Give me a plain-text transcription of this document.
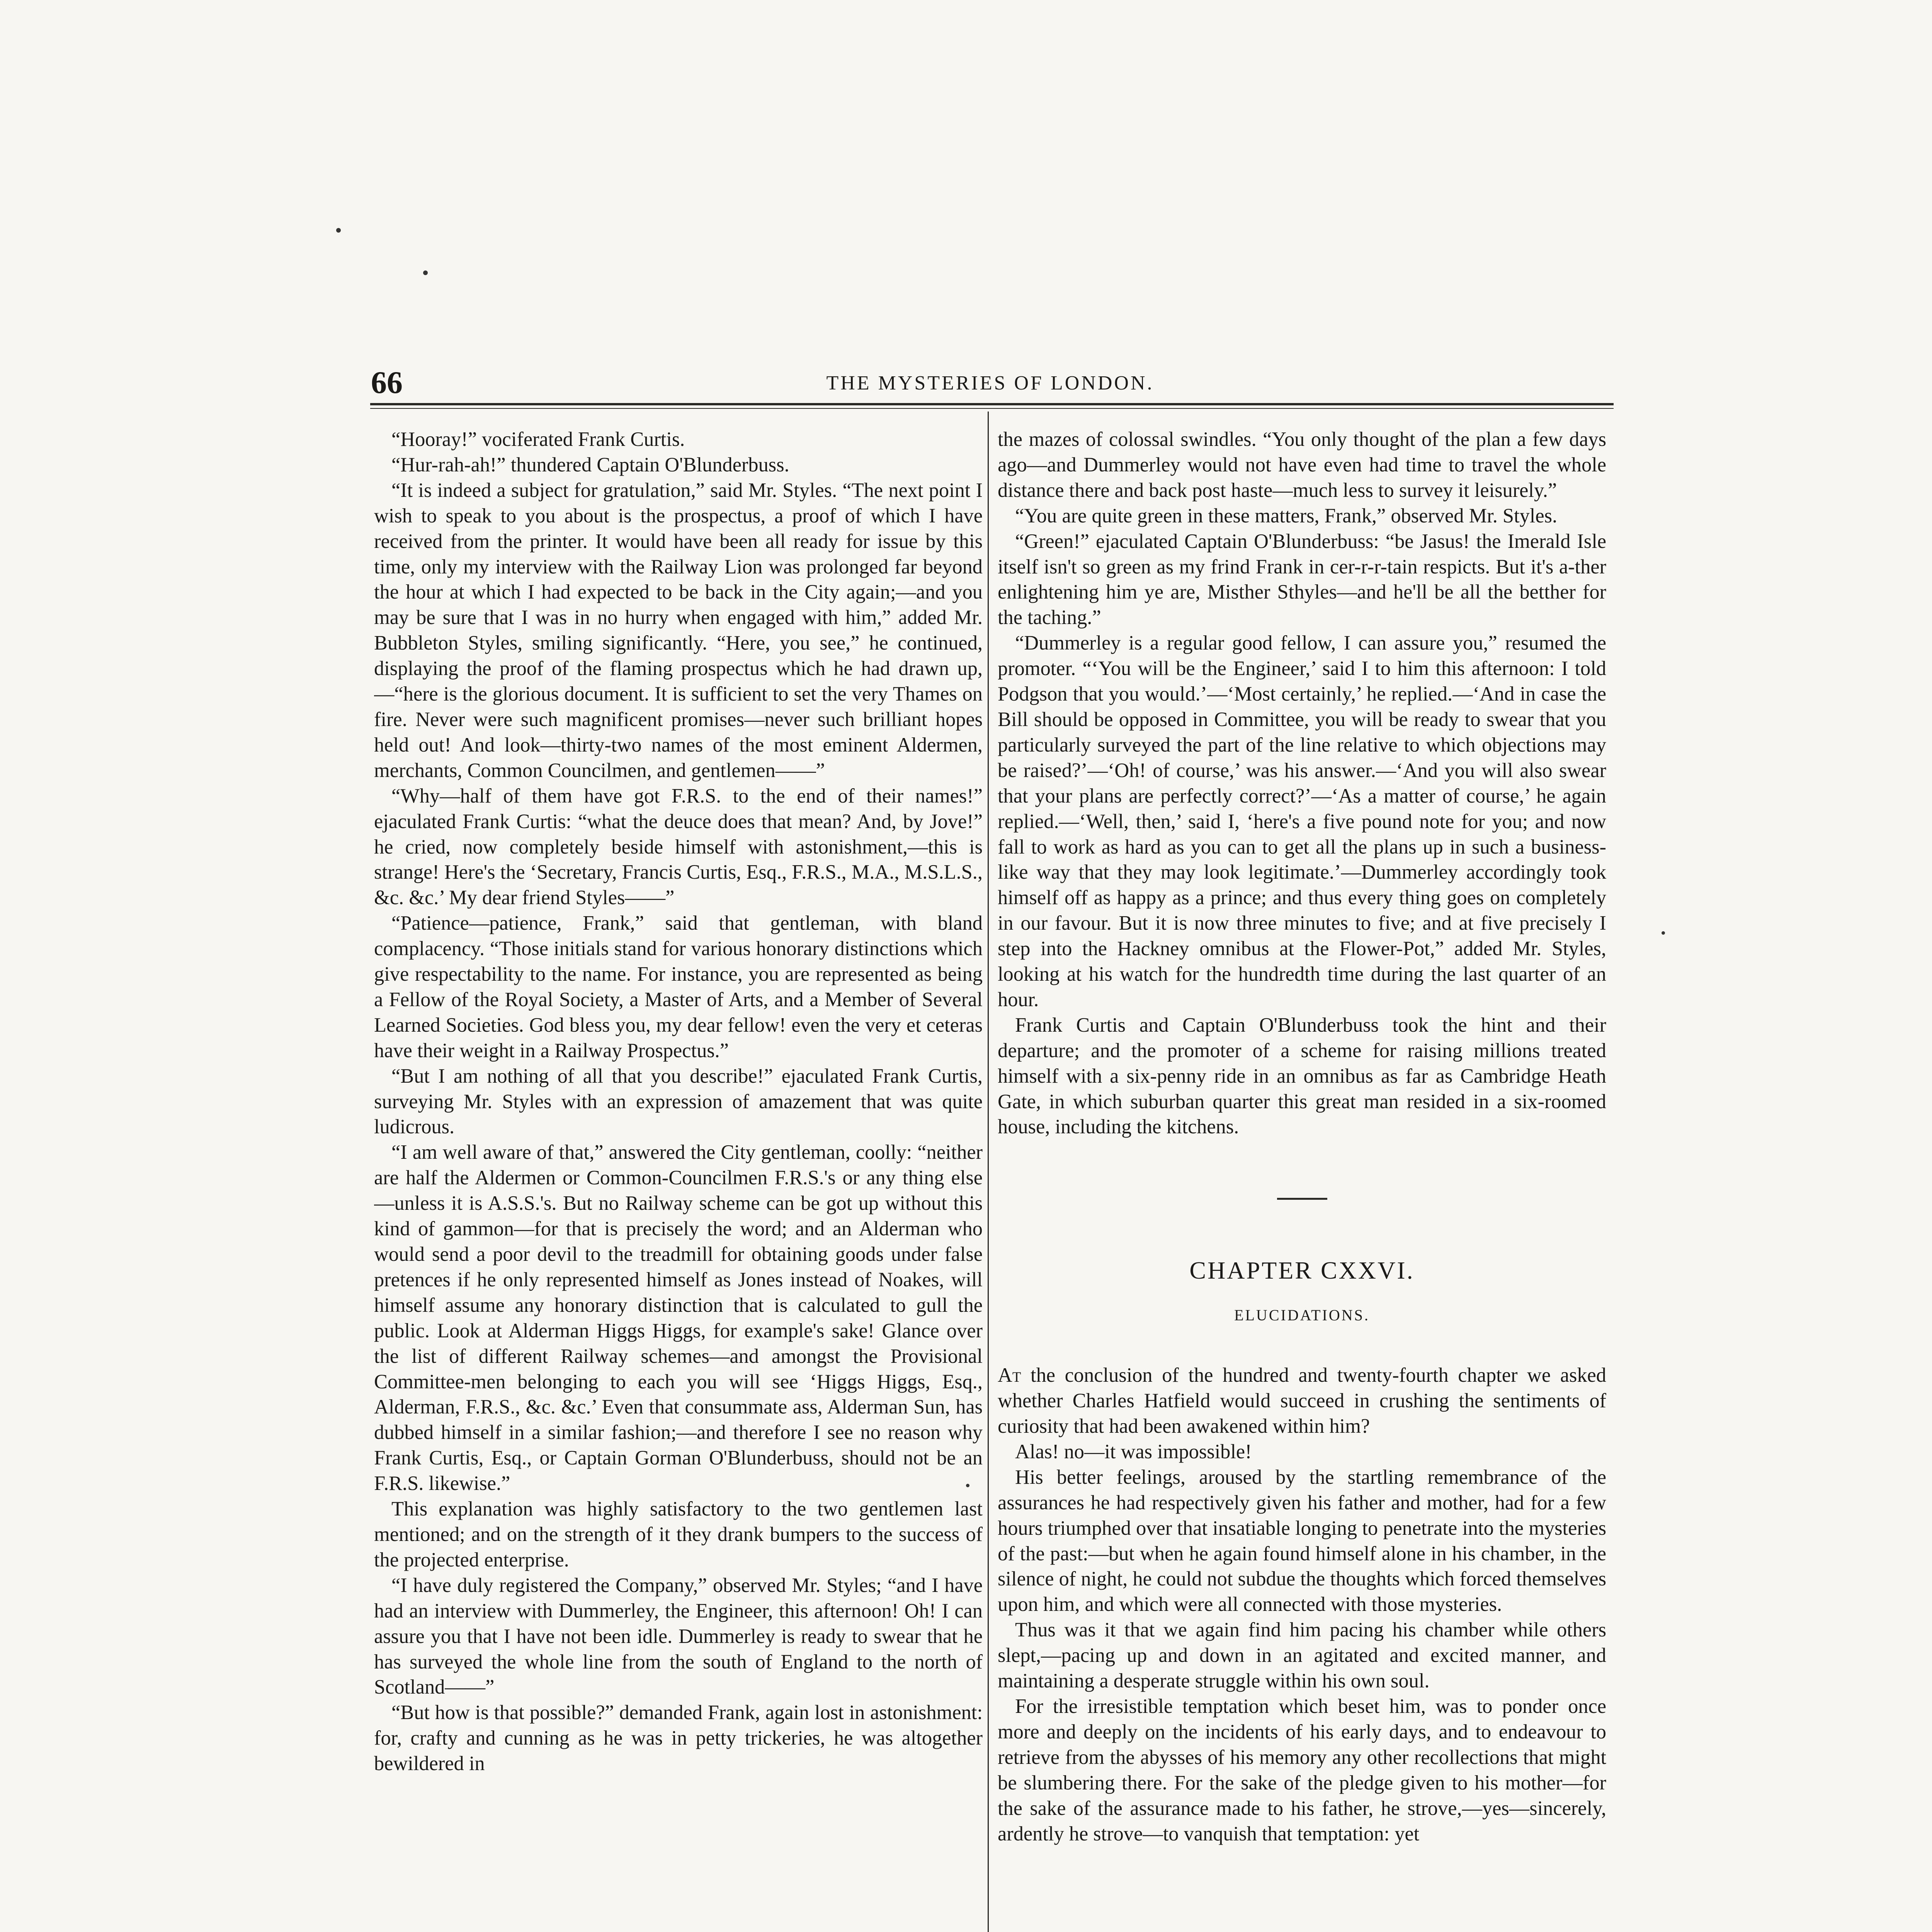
66	THE MYSTERIES OF LONDON.

“Hooray!” vociferated Frank Curtis.

“Hur-rah-ah!” thundered Captain O'Blunderbuss.

“It is indeed a subject for gratulation,” said Mr. Styles. “The next point I wish to speak to you about is the prospectus, a proof of which I have received from the printer. It would have been all ready for issue by this time, only my interview with the Railway Lion was prolonged far beyond the hour at which I had expected to be back in the City again;—and you may be sure that I was in no hurry when engaged with him,” added Mr. Bubbleton Styles, smiling significantly. “Here, you see,” he continued, displaying the proof of the flaming prospectus which he had drawn up,—“here is the glorious document. It is sufficient to set the very Thames on fire. Never were such magnificent promises—never such brilliant hopes held out! And look—thirty-two names of the most eminent Aldermen, merchants, Common Councilmen, and gentlemen——”

“Why—half of them have got F.R.S. to the end of their names!” ejaculated Frank Curtis: “what the deuce does that mean? And, by Jove!” he cried, now completely beside himself with astonishment,—this is strange! Here's the ‘Secretary, Francis Curtis, Esq., F.R.S., M.A., M.S.L.S., &c. &c.’ My dear friend Styles——”

“Patience—patience, Frank,” said that gentleman, with bland complacency. “Those initials stand for various honorary distinctions which give respectability to the name. For instance, you are represented as being a Fellow of the Royal Society, a Master of Arts, and a Member of Several Learned Societies. God bless you, my dear fellow! even the very et ceteras have their weight in a Railway Prospectus.”

“But I am nothing of all that you describe!” ejaculated Frank Curtis, surveying Mr. Styles with an expression of amazement that was quite ludicrous.

“I am well aware of that,” answered the City gentleman, coolly: “neither are half the Aldermen or Common-Councilmen F.R.S.'s or any thing else—unless it is A.S.S.'s. But no Railway scheme can be got up without this kind of gammon—for that is precisely the word; and an Alderman who would send a poor devil to the treadmill for obtaining goods under false pretences if he only represented himself as Jones instead of Noakes, will himself assume any honorary distinction that is calculated to gull the public. Look at Alderman Higgs Higgs, for example's sake! Glance over the list of different Railway schemes—and amongst the Provisional Committee-men belonging to each you will see ‘Higgs Higgs, Esq., Alderman, F.R.S., &c. &c.’ Even that consummate ass, Alderman Sun, has dubbed himself in a similar fashion;—and therefore I see no reason why Frank Curtis, Esq., or Captain Gorman O'Blunderbuss, should not be an F.R.S. likewise.”

This explanation was highly satisfactory to the two gentlemen last mentioned; and on the strength of it they drank bumpers to the success of the projected enterprise.

“I have duly registered the Company,” observed Mr. Styles; “and I have had an interview with Dummerley, the Engineer, this afternoon! Oh! I can assure you that I have not been idle. Dummerley is ready to swear that he has surveyed the whole line from the south of England to the north of Scotland——”

“But how is that possible?” demanded Frank, again lost in astonishment: for, crafty and cunning as he was in petty trickeries, he was altogether bewildered in

the mazes of colossal swindles. “You only thought of the plan a few days ago—and Dummerley would not have even had time to travel the whole distance there and back post haste—much less to survey it leisurely.”

“You are quite green in these matters, Frank,” observed Mr. Styles.

“Green!” ejaculated Captain O'Blunderbuss: “be Jasus! the Imerald Isle itself isn't so green as my frind Frank in cer-r-r-tain respicts. But it's a-ther enlightening him ye are, Misther Sthyles—and he'll be all the betther for the taching.”

“Dummerley is a regular good fellow, I can assure you,” resumed the promoter. “‘You will be the Engineer,’ said I to him this afternoon: I told Podgson that you would.’—‘Most certainly,’ he replied.—‘And in case the Bill should be opposed in Committee, you will be ready to swear that you particularly surveyed the part of the line relative to which objections may be raised?’—‘Oh! of course,’ was his answer.—‘And you will also swear that your plans are perfectly correct?’—‘As a matter of course,’ he again replied.—‘Well, then,’ said I, ‘here's a five pound note for you; and now fall to work as hard as you can to get all the plans up in such a business-like way that they may look legitimate.’—Dummerley accordingly took himself off as happy as a prince; and thus every thing goes on completely in our favour. But it is now three minutes to five; and at five precisely I step into the Hackney omnibus at the Flower-Pot,” added Mr. Styles, looking at his watch for the hundredth time during the last quarter of an hour.

Frank Curtis and Captain O'Blunderbuss took the hint and their departure; and the promoter of a scheme for raising millions treated himself with a six-penny ride in an omnibus as far as Cambridge Heath Gate, in which suburban quarter this great man resided in a six-roomed house, including the kitchens.

CHAPTER CXXVI.
ELUCIDATIONS.

At the conclusion of the hundred and twenty-fourth chapter we asked whether Charles Hatfield would succeed in crushing the sentiments of curiosity that had been awakened within him?

Alas! no—it was impossible!

His better feelings, aroused by the startling remembrance of the assurances he had respectively given his father and mother, had for a few hours triumphed over that insatiable longing to penetrate into the mysteries of the past:—but when he again found himself alone in his chamber, in the silence of night, he could not subdue the thoughts which forced themselves upon him, and which were all connected with those mysteries.

Thus was it that we again find him pacing his chamber while others slept,—pacing up and down in an agitated and excited manner, and maintaining a desperate struggle within his own soul.

For the irresistible temptation which beset him, was to ponder once more and deeply on the incidents of his early days, and to endeavour to retrieve from the abysses of his memory any other recollections that might be slumbering there. For the sake of the pledge given to his mother—for the sake of the assurance made to his father, he strove,—yes—sincerely, ardently he strove—to vanquish that temptation: yet
